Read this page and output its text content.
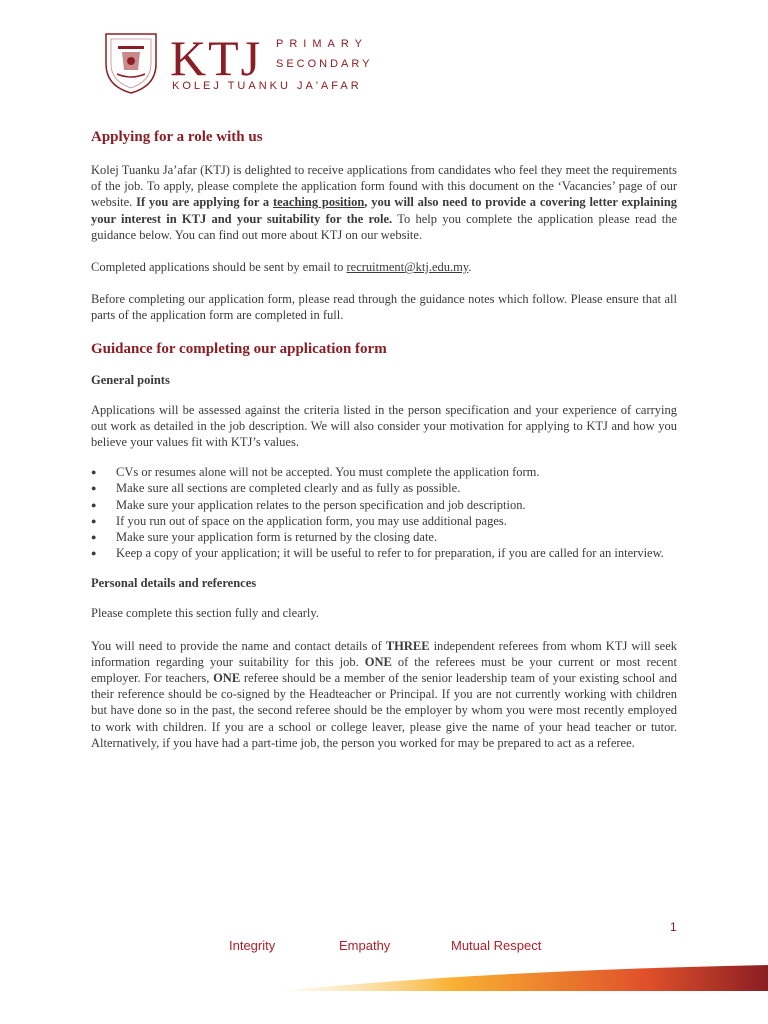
KTJ PRIMARY
SECONDARY
KOLEJ TUANKU JA'AFAR
Applying for a role with us

Kolej Tuanku Ja’afar (KTJ) is delighted to receive applications from candidates who feel they meet the requirements of the job. To apply, please complete the application form found with this document on the ‘Vacancies’ page of our website. If you are applying for a teaching position, you will also need to provide a covering letter explaining your interest in KTJ and your suitability for the role. To help you complete the application please read the guidance below. You can find out more about KTJ on our website.

Completed applications should be sent by email to recruitment@ktj.edu.my.

Before completing our application form, please read through the guidance notes which follow. Please ensure that all parts of the application form are completed in full.

Guidance for completing our application form
General points

Applications will be assessed against the criteria listed in the person specification and your experience of carrying out work as detailed in the job description. We will also consider your motivation for applying to KTJ and how you believe your values fit with KTJ’s values.

● CVs or resumes alone will not be accepted. You must complete the application form.
● Make sure all sections are completed clearly and as fully as possible.
● Make sure your application relates to the person specification and job description.
● If you run out of space on the application form, you may use additional pages.
● Make sure your application form is returned by the closing date.
● Keep a copy of your application; it will be useful to refer to for preparation, if you are called for an interview.
Personal details and references

Please complete this section fully and clearly.

You will need to provide the name and contact details of THREE independent referees from whom KTJ will seek information regarding your suitability for this job. ONE of the referees must be your current or most recent employer. For teachers, ONE referee should be a member of the senior leadership team of your existing school and their reference should be co-signed by the Headteacher or Principal. If you are not currently working with children but have done so in the past, the second referee should be the employer by whom you were most recently employed to work with children. If you are a school or college leaver, please give the name of your head teacher or tutor. Alternatively, if you have had a part-time job, the person you worked for may be prepared to act as a referee.

1
Integrity	Empathy	Mutual Respect
